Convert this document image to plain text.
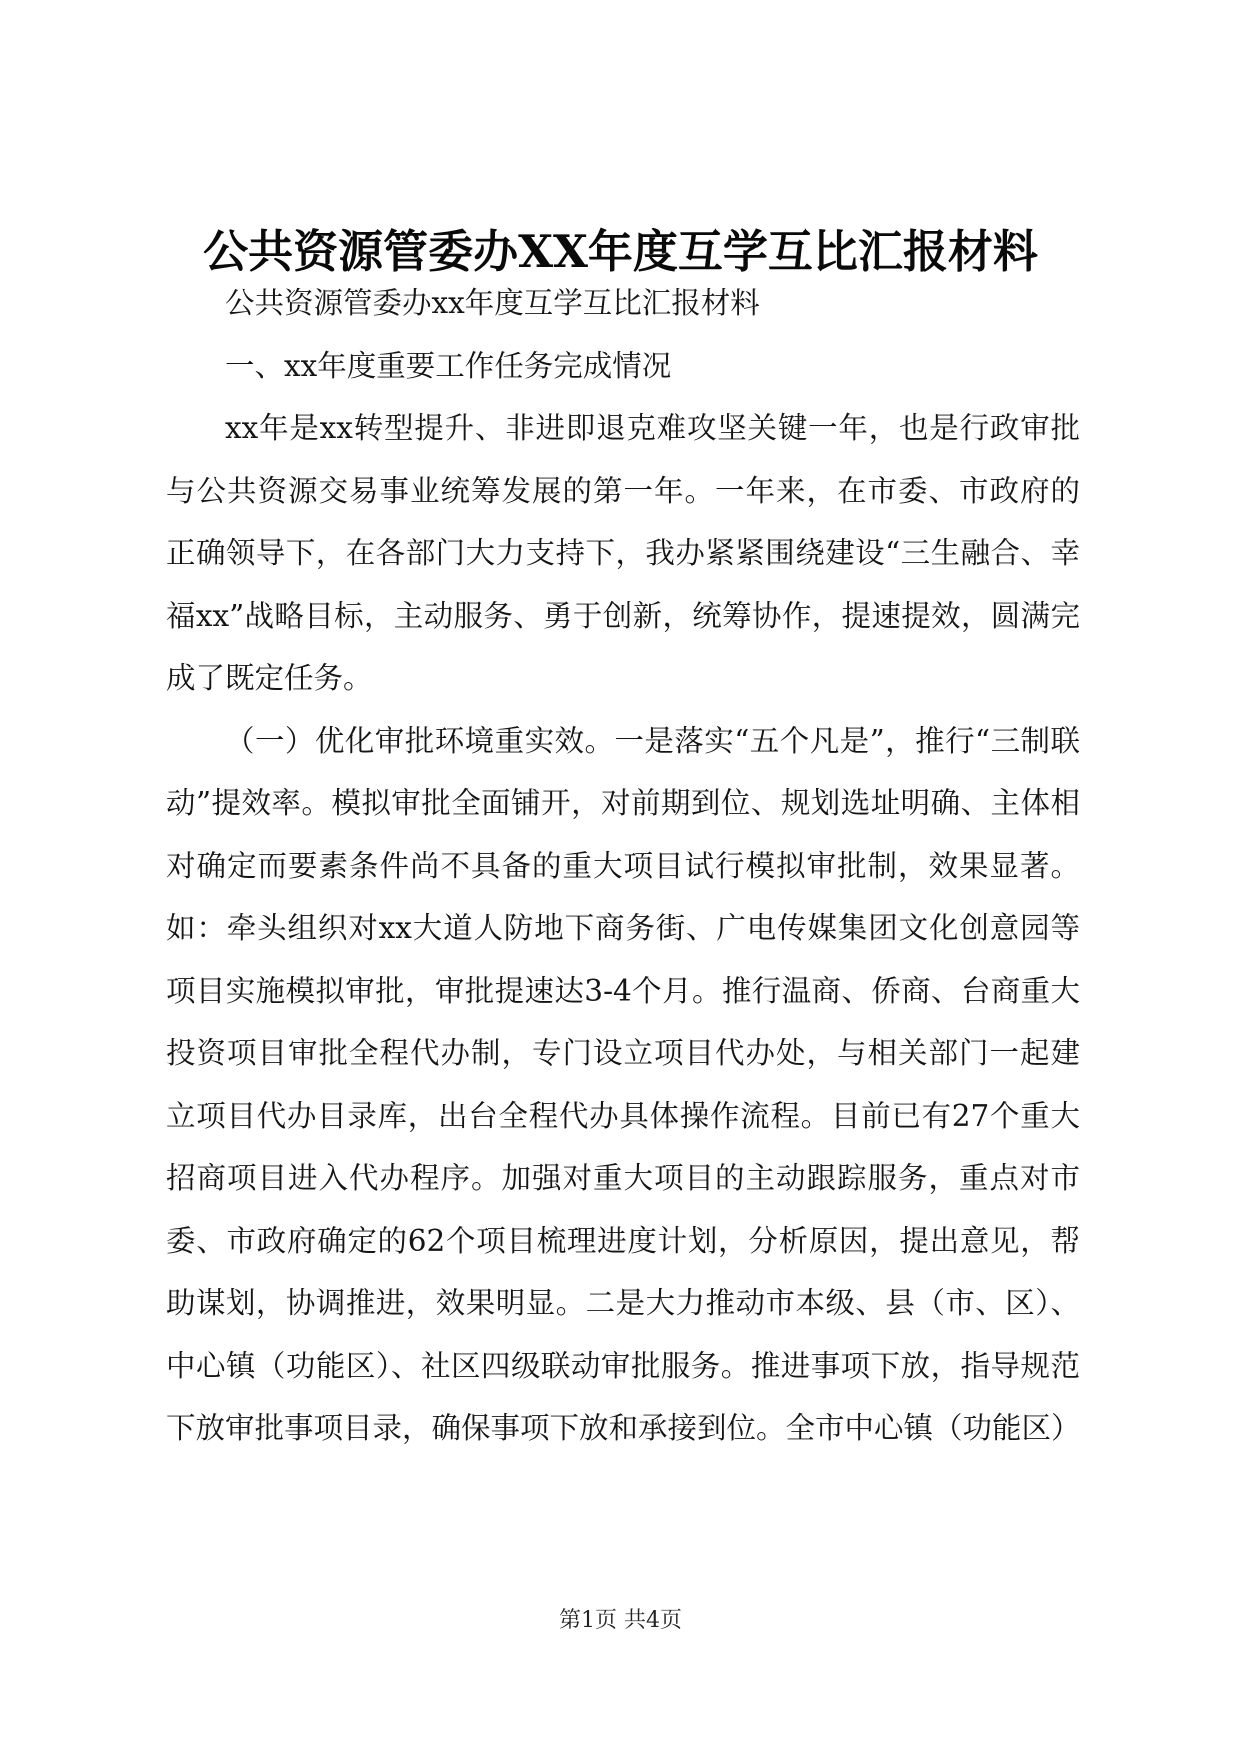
公共资源管委办XX年度互学互比汇报材料

公共资源管委办xx年度互学互比汇报材料

一、xx年度重要工作任务完成情况

xx年是xx转型提升、非进即退克难攻坚关键一年，也是行政审批与公共资源交易事业统筹发展的第一年。一年来，在市委、市政府的正确领导下，在各部门大力支持下，我办紧紧围绕建设“三生融合、幸福xx”战略目标，主动服务、勇于创新，统筹协作，提速提效，圆满完成了既定任务。

（一）优化审批环境重实效。一是落实“五个凡是”，推行“三制联动”提效率。模拟审批全面铺开，对前期到位、规划选址明确、主体相对确定而要素条件尚不具备的重大项目试行模拟审批制，效果显著。如：牵头组织对xx大道人防地下商务街、广电传媒集团文化创意园等项目实施模拟审批，审批提速达3-4个月。推行温商、侨商、台商重大投资项目审批全程代办制，专门设立项目代办处，与相关部门一起建立项目代办目录库，出台全程代办具体操作流程。目前已有27个重大招商项目进入代办程序。加强对重大项目的主动跟踪服务，重点对市委、市政府确定的62个项目梳理进度计划，分析原因，提出意见，帮助谋划，协调推进，效果明显。二是大力推动市本级、县（市、区）、中心镇（功能区）、社区四级联动审批服务。推进事项下放，指导规范下放审批事项目录，确保事项下放和承接到位。全市中心镇（功能区）

第1页 共4页
